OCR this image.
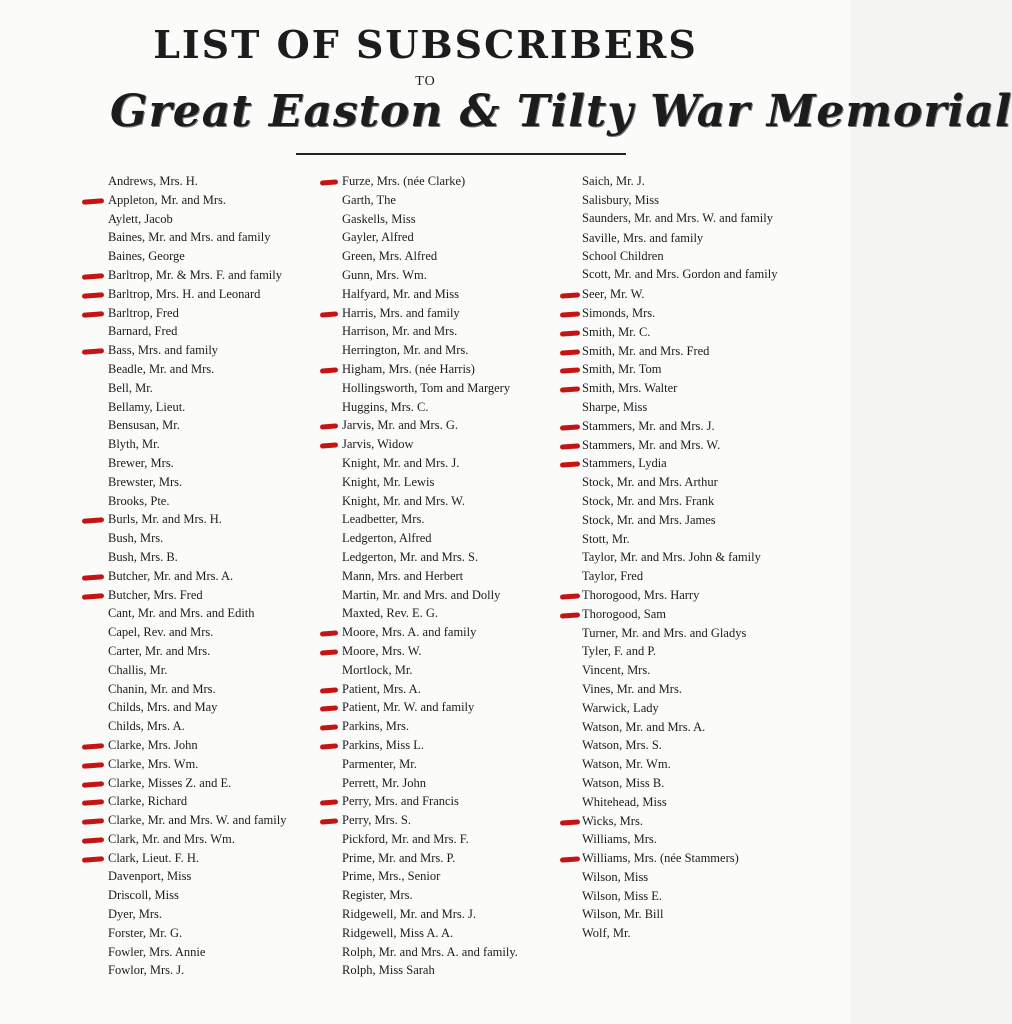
LIST OF SUBSCRIBERS
TO
Great Easton & Tilty War Memorial
Andrews, Mrs. H.
Appleton, Mr. and Mrs.
Aylett, Jacob
Baines, Mr. and Mrs. and family
Baines, George
Barltrop, Mr. & Mrs. F. and family
Barltrop, Mrs. H. and Leonard
Barltrop, Fred
Barnard, Fred
Bass, Mrs. and family
Beadle, Mr. and Mrs.
Bell, Mr.
Bellamy, Lieut.
Bensusan, Mr.
Blyth, Mr.
Brewer, Mrs.
Brewster, Mrs.
Brooks, Pte.
Burls, Mr. and Mrs. H.
Bush, Mrs.
Bush, Mrs. B.
Butcher, Mr. and Mrs. A.
Butcher, Mrs. Fred
Cant, Mr. and Mrs. and Edith
Capel, Rev. and Mrs.
Carter, Mr. and Mrs.
Challis, Mr.
Chanin, Mr. and Mrs.
Childs, Mrs. and May
Childs, Mrs. A.
Clarke, Mrs. John
Clarke, Mrs. Wm.
Clarke, Misses Z. and E.
Clarke, Richard
Clarke, Mr. and Mrs. W. and family
Clark, Mr. and Mrs. Wm.
Clark, Lieut. F. H.
Davenport, Miss
Driscoll, Miss
Dyer, Mrs.
Forster, Mr. G.
Fowler, Mrs. Annie
Fowlor, Mrs. J.
Furze, Mrs. (née Clarke)
Garth, The
Gaskells, Miss
Gayler, Alfred
Green, Mrs. Alfred
Gunn, Mrs. Wm.
Halfyard, Mr. and Miss
Harris, Mrs. and family
Harrison, Mr. and Mrs.
Herrington, Mr. and Mrs.
Higham, Mrs. (née Harris)
Hollingsworth, Tom and Margery
Huggins, Mrs. C.
Jarvis, Mr. and Mrs. G.
Jarvis, Widow
Knight, Mr. and Mrs. J.
Knight, Mr. Lewis
Knight, Mr. and Mrs. W.
Leadbetter, Mrs.
Ledgerton, Alfred
Ledgerton, Mr. and Mrs. S.
Mann, Mrs. and Herbert
Martin, Mr. and Mrs. and Dolly
Maxted, Rev. E. G.
Moore, Mrs. A. and family
Moore, Mrs. W.
Mortlock, Mr.
Patient, Mrs. A.
Patient, Mr. W. and family
Parkins, Mrs.
Parkins, Miss L.
Parmenter, Mr.
Perrett, Mr. John
Perry, Mrs. and Francis
Perry, Mrs. S.
Pickford, Mr. and Mrs. F.
Prime, Mr. and Mrs. P.
Prime, Mrs., Senior
Register, Mrs.
Ridgewell, Mr. and Mrs. J.
Ridgewell, Miss A. A.
Rolph, Mr. and Mrs. A. and family.
Rolph, Miss Sarah
Saich, Mr. J.
Salisbury, Miss
Saunders, Mr. and Mrs. W. and family
Saville, Mrs. and family
School Children
Scott, Mr. and Mrs. Gordon and family
Seer, Mr. W.
Simonds, Mrs.
Smith, Mr. C.
Smith, Mr. and Mrs. Fred
Smith, Mr. Tom
Smith, Mrs. Walter
Sharpe, Miss
Stammers, Mr. and Mrs. J.
Stammers, Mr. and Mrs. W.
Stammers, Lydia
Stock, Mr. and Mrs. Arthur
Stock, Mr. and Mrs. Frank
Stock, Mr. and Mrs. James
Stott, Mr.
Taylor, Mr. and Mrs. John & family
Taylor, Fred
Thorogood, Mrs. Harry
Thorogood, Sam
Turner, Mr. and Mrs. and Gladys
Tyler, F. and P.
Vincent, Mrs.
Vines, Mr. and Mrs.
Warwick, Lady
Watson, Mr. and Mrs. A.
Watson, Mrs. S.
Watson, Mr. Wm.
Watson, Miss B.
Whitehead, Miss
Wicks, Mrs.
Williams, Mrs.
Williams, Mrs. (née Stammers)
Wilson, Miss
Wilson, Miss E.
Wilson, Mr. Bill
Wolf, Mr.
